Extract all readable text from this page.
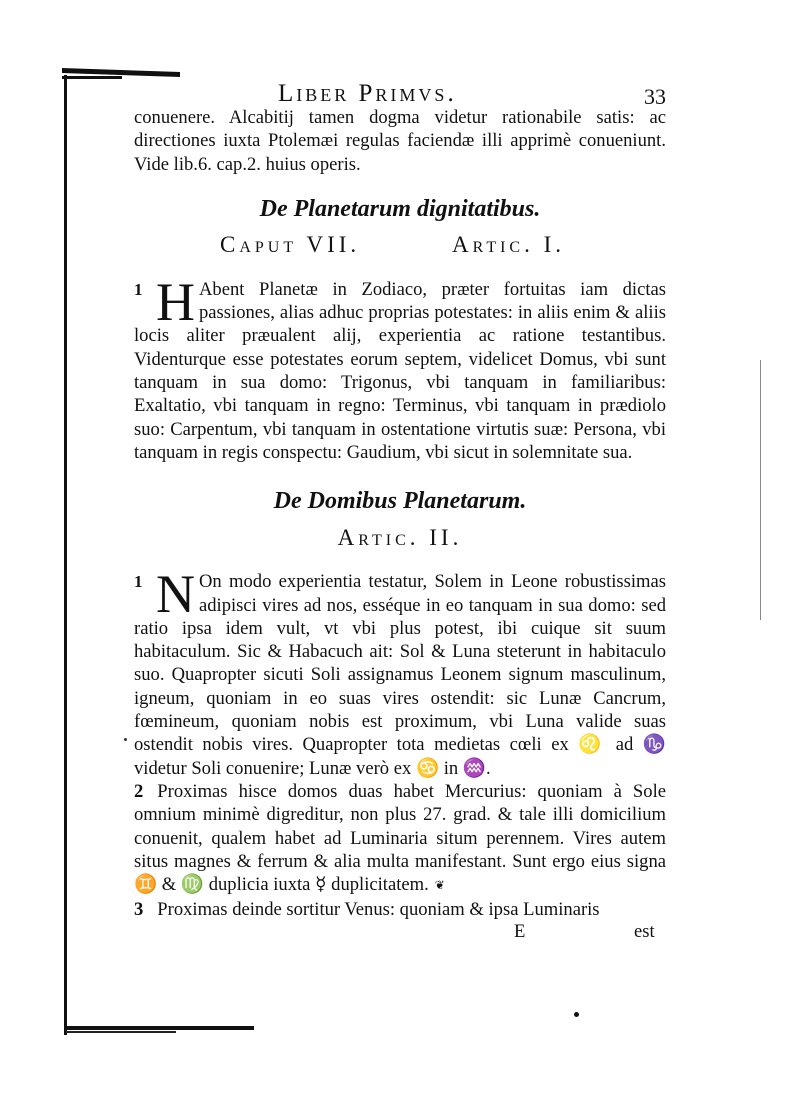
Liber Primvs.	33

conuenere. Alcabitij tamen dogma videtur rationabile satis: ac directiones iuxta Ptolemæi regulas faciendæ illi apprimè conueniunt. Vide lib.6. cap.2. huius operis.

De Planetarum dignitatibus.
Caput VII.	Artic. I.
1 H Abent Planetæ in Zodiaco, præter fortuitas iam dictas passiones, alias adhuc proprias potestates: in aliis enim & aliis locis aliter præualent alij, experientia ac ratione testantibus. Videnturque esse potestates eorum septem, videlicet Domus, vbi sunt tanquam in sua domo: Trigonus, vbi tanquam in familiaribus: Exaltatio, vbi tanquam in regno: Terminus, vbi tanquam in prædiolo suo: Carpentum, vbi tanquam in ostentatione virtutis suæ: Persona, vbi tanquam in regis conspectu: Gaudium, vbi sicut in solemnitate sua.

De Domibus Planetarum.
Artic. II.
1 N On modo experientia testatur, Solem in Leone robustissimas adipisci vires ad nos, esséque in eo tanquam in sua domo: sed ratio ipsa idem vult, vt vbi plus potest, ibi cuique sit suum habitaculum. Sic & Habacuch ait: Sol & Luna steterunt in habitaculo suo. Quapropter sicuti Soli assignamus Leonem signum masculinum, igneum, quoniam in eo suas vires ostendit: sic Lunæ Cancrum, fœmineum, quoniam nobis est proximum, vbi Luna valide suas ostendit nobis vires. Quapropter tota medietas cœli ex ♌ ad ♑ videtur Soli conuenire; Lunæ verò ex ♋ in ♒.

2 Proximas hisce domos duas habet Mercurius: quoniam à Sole omnium minimè digreditur, non plus 27. grad. & tale illi domicilium conuenit, qualem habet ad Luminaria situm perennem. Vires autem situs magnes & ferrum & alia multa manifestant. Sunt ergo eius signa ♊ & ♍ duplicia iuxta ☿ duplicitatem. ❦

3 Proximas deinde sortitur Venus: quoniam & ipsa Luminaris

E	est
